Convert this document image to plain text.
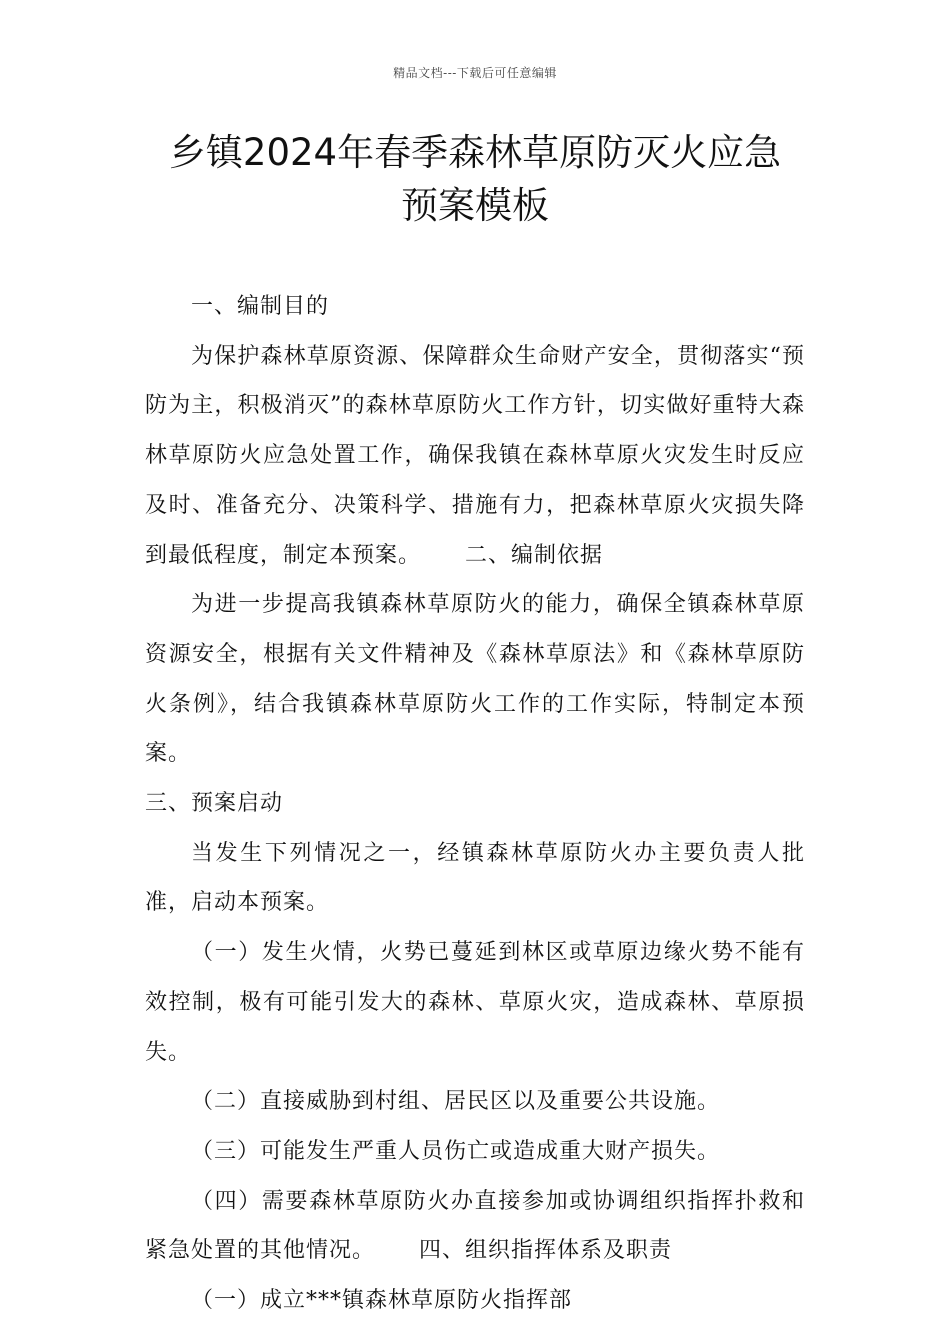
精品文档---下载后可任意编辑
乡镇2024年春季森林草原防灭火应急
预案模板

一、编制目的

为保护森林草原资源、保障群众生命财产安全，贯彻落实“预防为主，积极消灭”的森林草原防火工作方针，切实做好重特大森林草原防火应急处置工作，确保我镇在森林草原火灾发生时反应及时、准备充分、决策科学、措施有力，把森林草原火灾损失降到最低程度，制定本预案。 二、编制依据

为进一步提高我镇森林草原防火的能力，确保全镇森林草原资源安全，根据有关文件精神及《森林草原法》和《森林草原防火条例》，结合我镇森林草原防火工作的工作实际，特制定本预案。

三、预案启动

当发生下列情况之一，经镇森林草原防火办主要负责人批准，启动本预案。

（一）发生火情，火势已蔓延到林区或草原边缘火势不能有效控制，极有可能引发大的森林、草原火灾，造成森林、草原损失。

（二）直接威胁到村组、居民区以及重要公共设施。

（三）可能发生严重人员伤亡或造成重大财产损失。

（四）需要森林草原防火办直接参加或协调组织指挥扑救和紧急处置的其他情况。 四、组织指挥体系及职责

（一）成立***镇森林草原防火指挥部
